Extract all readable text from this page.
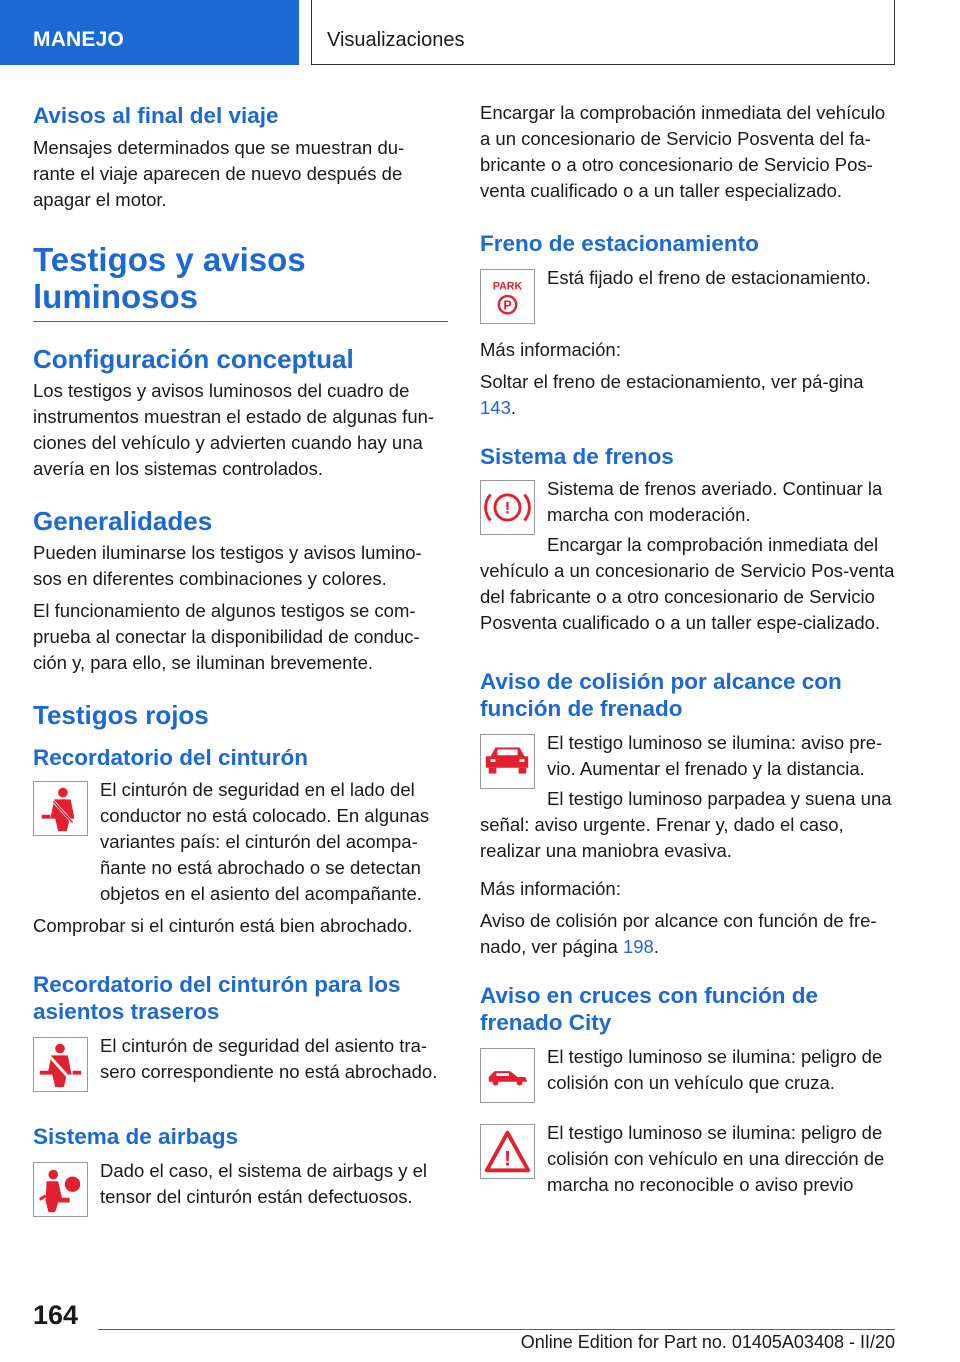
MANEJO	Visualizaciones
Avisos al final del viaje

Mensajes determinados que se muestran du-
rante el viaje aparecen de nuevo después de
apagar el motor.

Testigos y avisos luminosos
Configuración conceptual

Los testigos y avisos luminosos del cuadro de instrumentos muestran el estado de algunas fun-ciones del vehículo y advierten cuando hay una avería en los sistemas controlados.

Generalidades

Pueden iluminarse los testigos y avisos lumino-sos en diferentes combinaciones y colores.

El funcionamiento de algunos testigos se com-prueba al conectar la disponibilidad de conduc-ción y, para ello, se iluminan brevemente.

Testigos rojos
Recordatorio del cinturón

El cinturón de seguridad en el lado del conductor no está colocado. En algunas variantes país: el cinturón del acompa-ñante no está abrochado o se detectan objetos en el asiento del acompañante.

Comprobar si el cinturón está bien abrochado.

Recordatorio del cinturón para los asientos traseros

El cinturón de seguridad del asiento tra-sero correspondiente no está abrochado.

Sistema de airbags

Dado el caso, el sistema de airbags y el tensor del cinturón están defectuosos.

Encargar la comprobación inmediata del vehículo a un concesionario de Servicio Posventa del fa-bricante o a otro concesionario de Servicio Pos-venta cualificado o a un taller especializado.

Freno de estacionamiento
PARK
P

Está fijado el freno de estacionamiento.

Más información:

Soltar el freno de estacionamiento, ver pá-gina 143.

Sistema de frenos
!

Sistema de frenos averiado. Continuar la marcha con moderación.

Encargar la comprobación inmediata del vehículo a un concesionario de Servicio Pos-venta del fabricante o a otro concesionario de Servicio Posventa cualificado o a un taller espe-cializado.

Aviso de colisión por alcance con función de frenado

El testigo luminoso se ilumina: aviso pre-vio. Aumentar el frenado y la distancia.

El testigo luminoso parpadea y suena una señal: aviso urgente. Frenar y, dado el caso, realizar una maniobra evasiva.

Más información:

Aviso de colisión por alcance con función de fre-nado, ver página 198.

Aviso en cruces con función de frenado City

El testigo luminoso se ilumina: peligro de colisión con un vehículo que cruza.

!

El testigo luminoso se ilumina: peligro de colisión con vehículo en una dirección de marcha no reconocible o aviso previo

164
Online Edition for Part no. 01405A03408 - II/20
